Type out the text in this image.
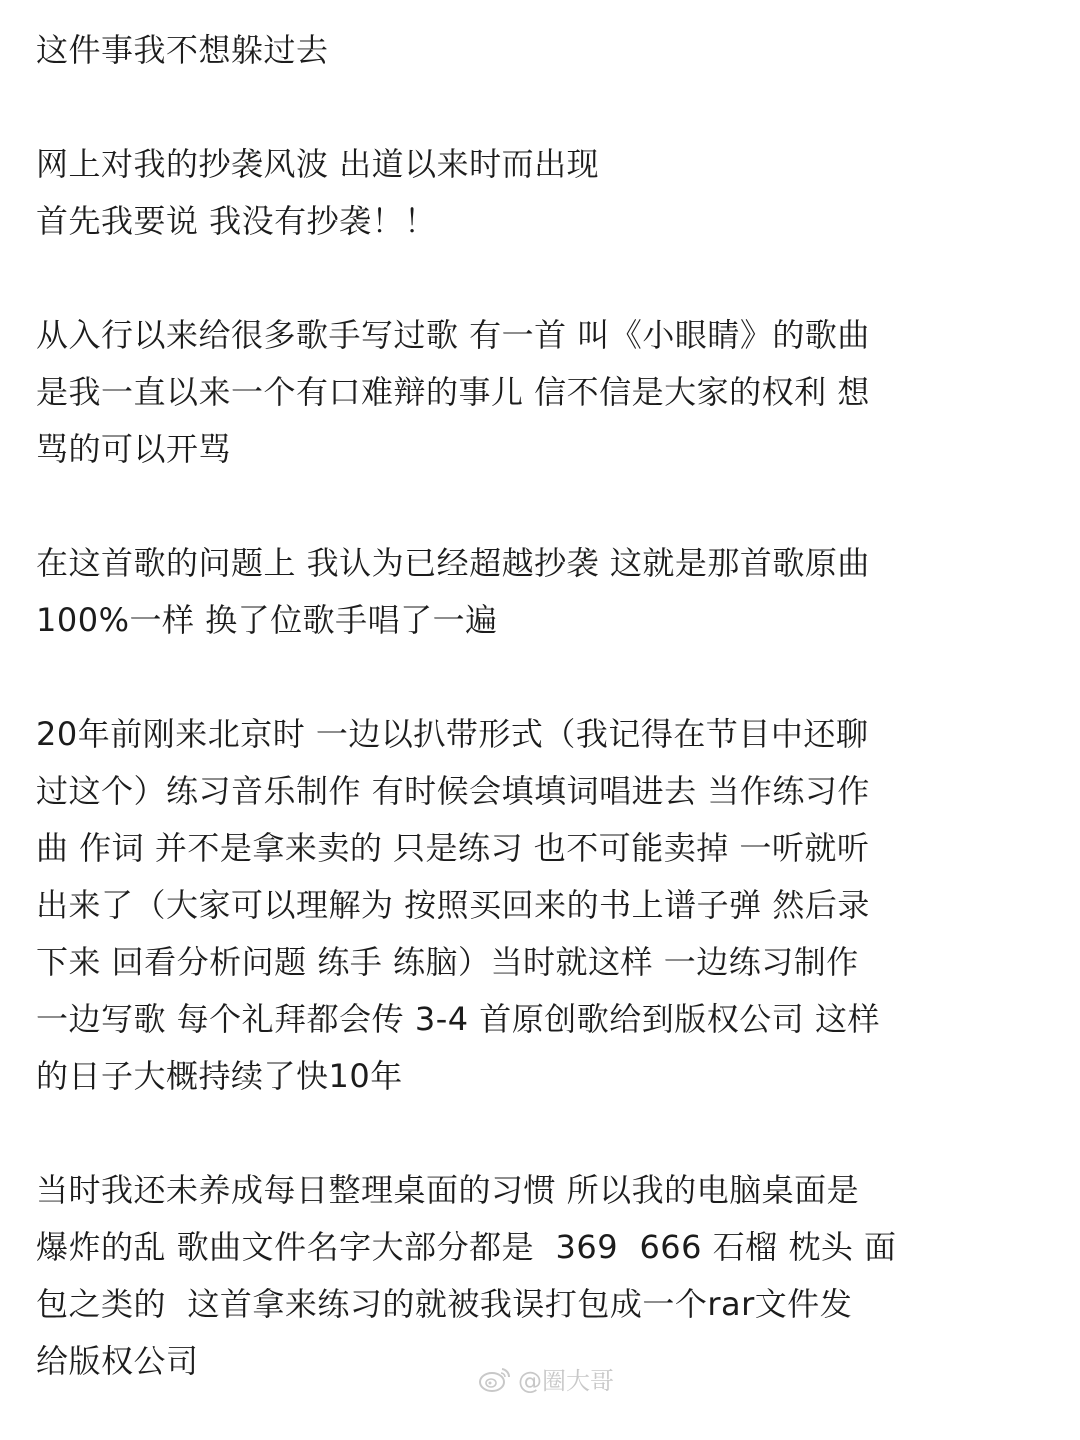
这件事我不想躲过去
网上对我的抄袭风波 出道以来时而出现
首先我要说 我没有抄袭！！
从入行以来给很多歌手写过歌 有一首 叫《小眼睛》的歌曲
是我一直以来一个有口难辩的事儿 信不信是大家的权利 想
骂的可以开骂
在这首歌的问题上 我认为已经超越抄袭 这就是那首歌原曲
100%一样 换了位歌手唱了一遍
20年前刚来北京时 一边以扒带形式（我记得在节目中还聊
过这个）练习音乐制作 有时候会填填词唱进去 当作练习作
曲 作词 并不是拿来卖的 只是练习 也不可能卖掉 一听就听
出来了（大家可以理解为 按照买回来的书上谱子弹 然后录
下来 回看分析问题 练手 练脑）当时就这样 一边练习制作
一边写歌 每个礼拜都会传 3-4 首原创歌给到版权公司 这样
的日子大概持续了快10年
当时我还未养成每日整理桌面的习惯 所以我的电脑桌面是
爆炸的乱 歌曲文件名字大部分都是  369  666 石榴 枕头 面
包之类的  这首拿来练习的就被我误打包成一个rar文件发
给版权公司
@圈大哥
